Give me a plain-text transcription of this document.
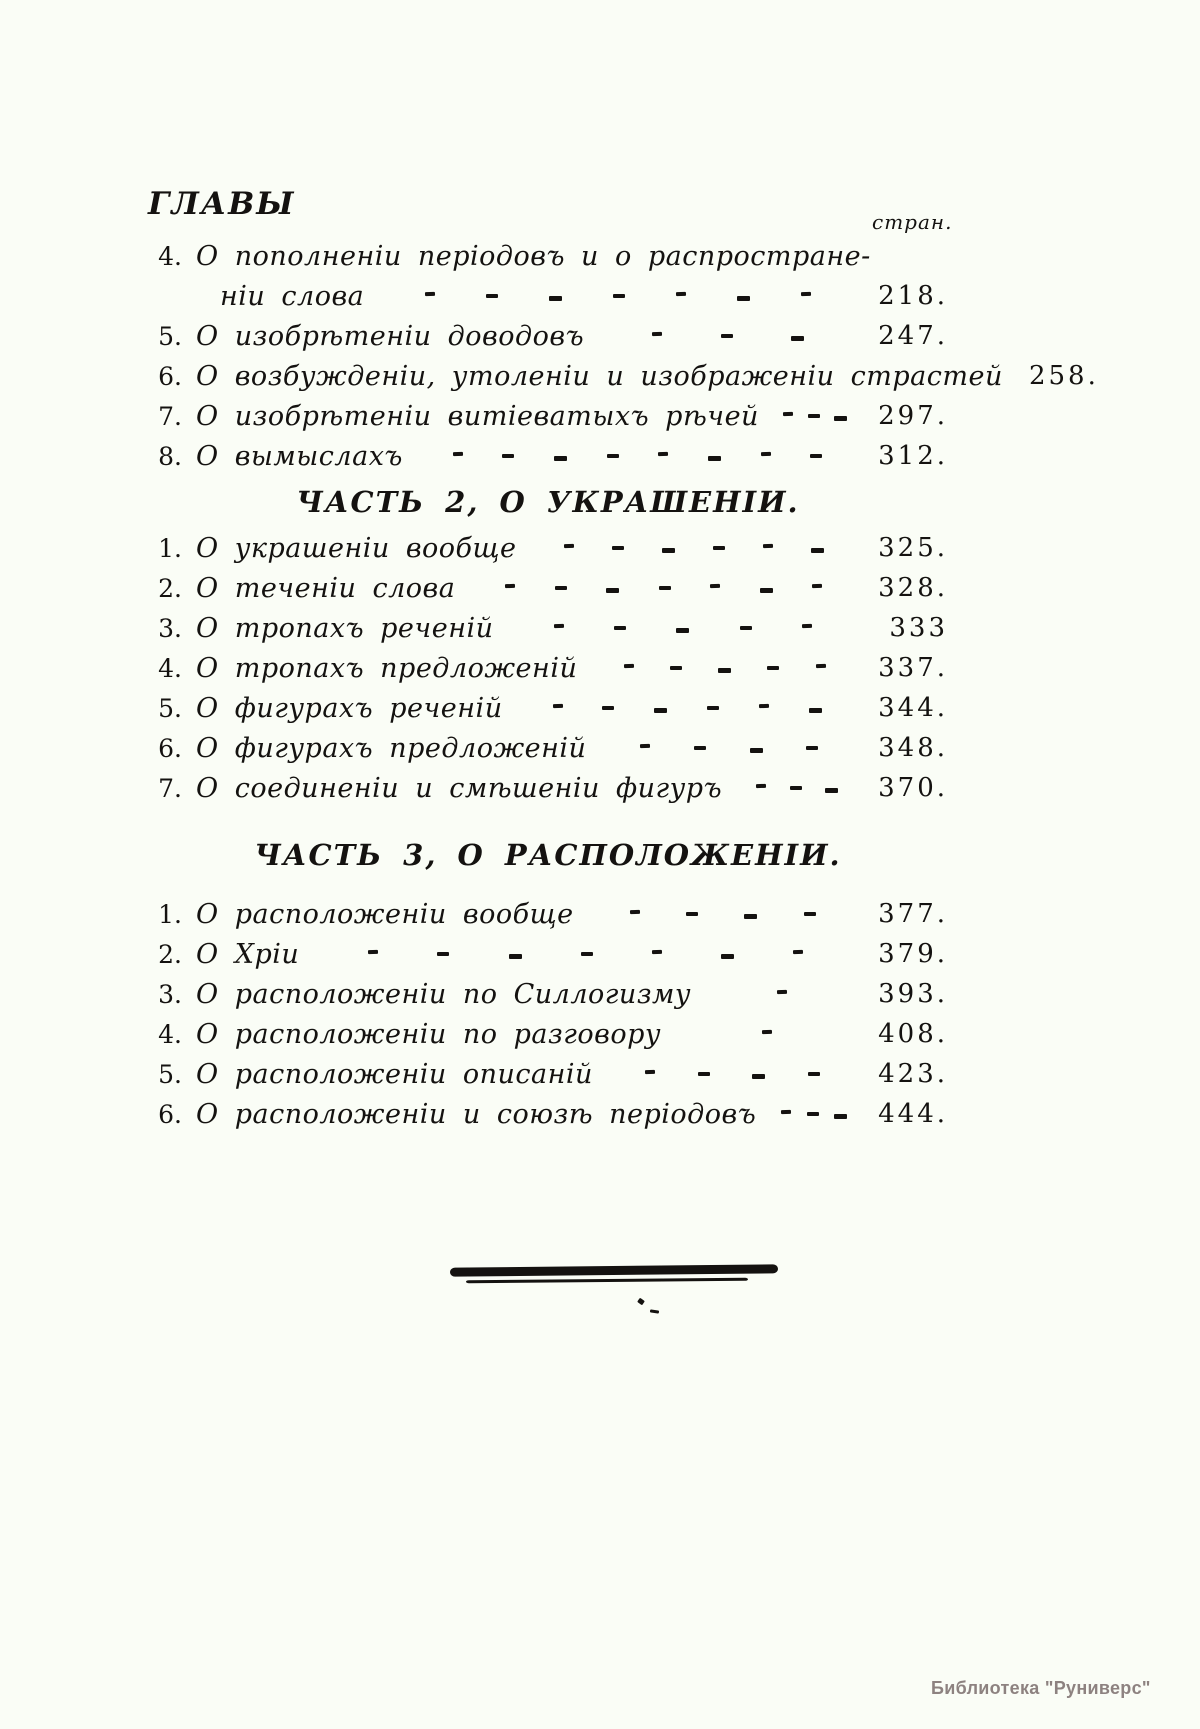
стран.
ГЛАВЫ
4. О пополненіи періодовъ и о распростране-
ніи слова	218.
5. О изобрѣтеніи доводовъ	247.
6. О возбужденіи, утоленіи и изображеніи страстей 258.
7. О изобрѣтеніи витіеватыхъ рѣчей	297.
8. О вымыслахъ	312.
ЧАСТЬ 2, О УКРАШЕНІИ.
1. О украшеніи вообще	325.
2. О теченіи слова	328.
3. О тропахъ реченій	333
4. О тропахъ предложеній	337.
5. О фигурахъ реченій	344.
6. О фигурахъ предложеній	348.
7. О соединеніи и смѣшеніи фигуръ	370.
ЧАСТЬ 3, О РАСПОЛОЖЕНІИ.
1. О расположеніи вообще	377.
2. О Хріи	379.
3. О расположеніи по Силлогизму	393.
4. О расположеніи по разговору	408.
5. О расположеніи описаній	423.
6. О расположеніи и союзѣ періодовъ	444.
Библиотека "Руниверс"
